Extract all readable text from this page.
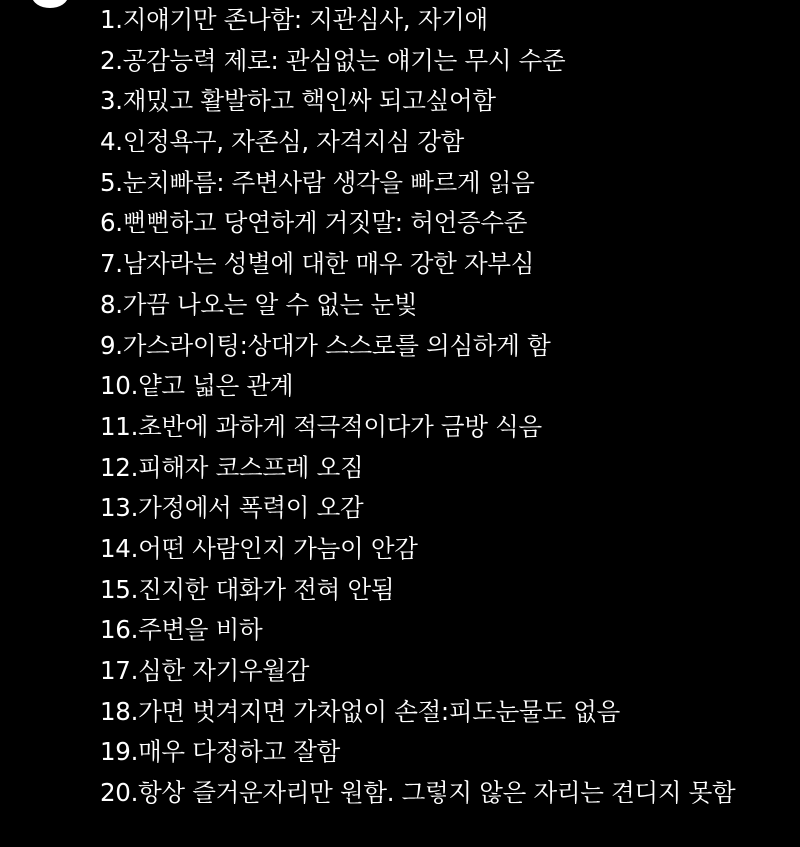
1.지얘기만 존나함: 지관심사, 자기애
2.공감능력 제로: 관심없는 얘기는 무시 수준
3.재밌고 활발하고 핵인싸 되고싶어함
4.인정욕구, 자존심, 자격지심 강함
5.눈치빠름: 주변사람 생각을 빠르게 읽음
6.뻔뻔하고 당연하게 거짓말: 허언증수준
7.남자라는 성별에 대한 매우 강한 자부심
8.가끔 나오는 알 수 없는 눈빛
9.가스라이팅:상대가 스스로를 의심하게 함
10.얕고 넓은 관계
11.초반에 과하게 적극적이다가 금방 식음
12.피해자 코스프레 오짐
13.가정에서 폭력이 오감
14.어떤 사람인지 가늠이 안감
15.진지한 대화가 전혀 안됨
16.주변을 비하
17.심한 자기우월감
18.가면 벗겨지면 가차없이 손절:피도눈물도 없음
19.매우 다정하고 잘함
20.항상 즐거운자리만 원함. 그렇지 않은 자리는 견디지 못함
